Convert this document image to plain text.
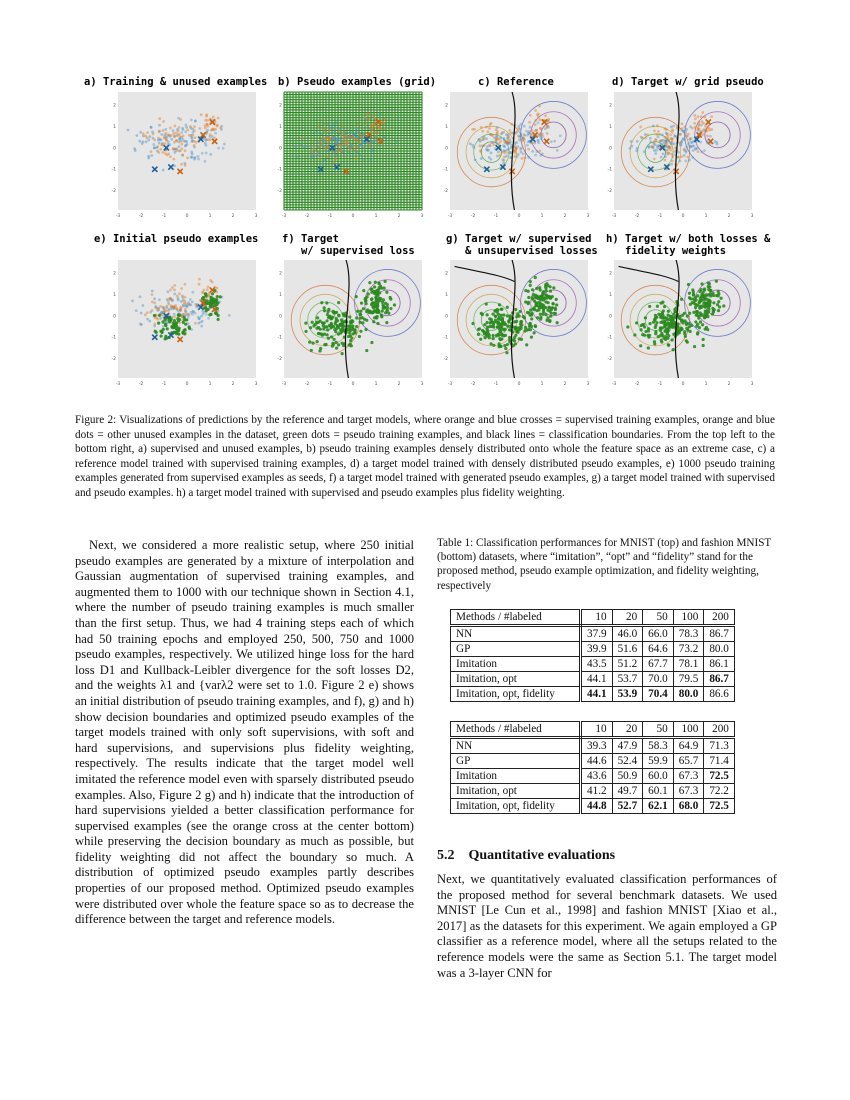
a) Training & unused examples b) Pseudo examples (grid)	c) Reference	d) Target w/ grid pseudo
e) Initial pseudo examples f) Target
w/ supervised loss
g) Target w/ supervised
& unsupervised losses
h) Target w/ both losses &
fidelity weights
-3	-2	-1	0	1	2	3
-2
-1
0
1
2
-3	-2	-1	0	1	2	3
-2
-1
0
1
2
-3	-2	-1	0	1	2	3
-2
-1
0
1
2
-3	-2	-1	0	1	2	3
-2
-1
0
1
2
-3	-2	-1	0	1	2	3
-2
-1
0
1
2
-3	-2	-1	0	1	2	3
-2
-1
0
1
2
-3	-2	-1	0	1	2	3
-2
-1
0
1
2
-3	-2	-1	0	1	2	3
-2
-1
0
1
2
Figure 2: Visualizations of predictions by the reference and target models, where orange and blue crosses = supervised training examples, orange and blue dots = other unused examples in the dataset, green dots = pseudo training examples, and black lines = classification boundaries. From the top left to the bottom right, a) supervised and unused examples, b) pseudo training examples densely distributed onto whole the feature space as an extreme case, c) a reference model trained with supervised training examples, d) a target model trained with densely distributed pseudo examples, e) 1000 pseudo training examples generated from supervised examples as seeds, f) a target model trained with generated pseudo examples, g) a target model trained with supervised and pseudo examples. h) a target model trained with supervised and pseudo examples plus fidelity weighting.

Next, we considered a more realistic setup, where 250 initial pseudo examples are generated by a mixture of interpolation and Gaussian augmentation of supervised training examples, and augmented them to 1000 with our technique shown in Section 4.1, where the number of pseudo training examples is much smaller than the first setup. Thus, we had 4 training steps each of which had 50 training epochs and employed 250, 500, 750 and 1000 pseudo examples, respectively. We utilized hinge loss for the hard loss D1 and Kullback-Leibler divergence for the soft losses D2, and the weights λ1 and {varλ2 were set to 1.0. Figure 2 e) shows an initial distribution of pseudo training examples, and f), g) and h) show decision boundaries and optimized pseudo examples of the target models trained with only soft supervisions, with soft and hard supervisions, and supervisions plus fidelity weighting, respectively. The results indicate that the target model well imitated the reference model even with sparsely distributed pseudo examples. Also, Figure 2 g) and h) indicate that the introduction of hard supervisions yielded a better classification performance for supervised examples (see the orange cross at the center bottom) while preserving the decision boundary as much as possible, but fidelity weighting did not affect the boundary so much. A distribution of optimized pseudo examples partly describes properties of our proposed method. Optimized pseudo examples were distributed over whole the feature space so as to decrease the difference between the target and reference models.

Table 1: Classification performances for MNIST (top) and fashion MNIST (bottom) datasets, where “imitation”, “opt” and “fidelity” stand for the proposed method, pseudo example optimization, and fidelity weighting, respectively
Methods / #labeled	10	20	50	100	200
NN	37.9	46.0	66.0	78.3	86.7
GP	39.9	51.6	64.6	73.2	80.0
Imitation	43.5	51.2	67.7	78.1	86.1
Imitation, opt	44.1	53.7	70.0	79.5	86.7
Imitation, opt, fidelity	44.1	53.9	70.4	80.0	86.6
Methods / #labeled	10	20	50	100	200
NN	39.3	47.9	58.3	64.9	71.3
GP	44.6	52.4	59.9	65.7	71.4
Imitation	43.6	50.9	60.0	67.3	72.5
Imitation, opt	41.2	49.7	60.1	67.3	72.2
Imitation, opt, fidelity	44.8	52.7	62.1	68.0	72.5
5.2 Quantitative evaluations

Next, we quantitatively evaluated classification performances of the proposed method for several benchmark datasets. We used MNIST [Le Cun et al., 1998] and fashion MNIST [Xiao et al., 2017] as the datasets for this experiment. We again employed a GP classifier as a reference model, where all the setups related to the reference models were the same as Section 5.1. The target model was a 3-layer CNN for
